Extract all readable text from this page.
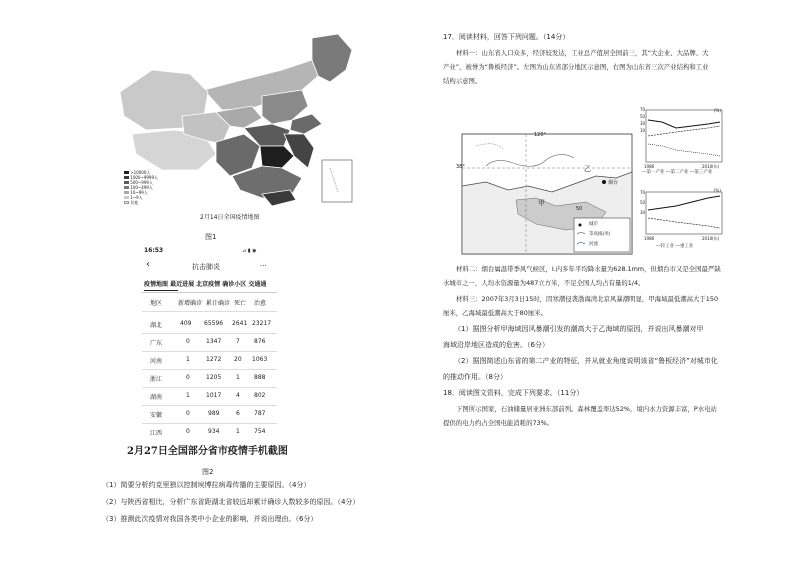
>10000人
1000~9999人
500~999人
100~499人
10~99人
1~9人
其他
2月14日全国疫情地图
图1
16:53	⊿ ▮ ◉
‹	抗击肺炎	···
疫情地图 最近进展 北京疫情 确诊小区 交通通
地区	新增确诊 累计确诊 死亡 治愈
湖北	409 65596 2641 23217
广东	0	1347 7 876
河南	1	1272 20 1063
浙江	0	1205 1 888
湖南	1	1017 4 802
安徽	0	989	6 787
江西	0	934	1 754
2月27日全国部分省市疫情手机截图
图2
（1）简要分析约克里独以控制埃博拉病毒传播的主要原因。（4分）
（2）与陕西省相比，分析广东省距湖北省较远却累计确诊人数较多的原因。（4分）
（3）推测此次疫情对我国各类中小企业的影响，并说出理由。（6分）
17．阅读材料，回答下列问题。（14分）
材料一：山东省人口众多，经济较发达，工业总产值居全国前三，其“大企业、大品牌、大
产业”，被誉为“鲁板经济”。左图为山东省部分地区示意图，右图为山东省三次产业结构和工业
结构示意图。
120°
38°
甲
乙
烟台
50
城市
等高线(米)
河流
70
50
30
10
(%)
1986	2010(年)
—第一产业 —第二产业 —第三产业
70
50
30
(%)
1986	2010(年)
—轻工业 —重工业
材料二：烟台属温带季风气候区，Ⅰ.内多年平均降水量为628.1mm，但烟台市又是全国最严缺
水城市之一，人均水资源量为487立方米，不足全国人均占有量的1/4。
材料三：2007年3月3日15时，因寒潮侵袭渤海湾北京风暴潮明显，甲海域最低潮高大于150
厘米，乙海域最低潮高大于80厘米。
（1）据图分析甲海域因风暴潮引发的潮高大于乙海域的原因，并说出风暴潮对甲
海域沿岸地区造成的危害。（6分）
（2）据图简述山东省的第二产业的特征，并从就业角度说明该省“鲁板经济”对城市化
的推动作用。（8分）
18．阅读图文资料，完成下列要求。（11分）
下图所示国家，石油储量居亚洲东部前列。森林覆盖率达52%，境内水力资源丰富，P水电站
提供的电力约占全国电能消耗的73%。
